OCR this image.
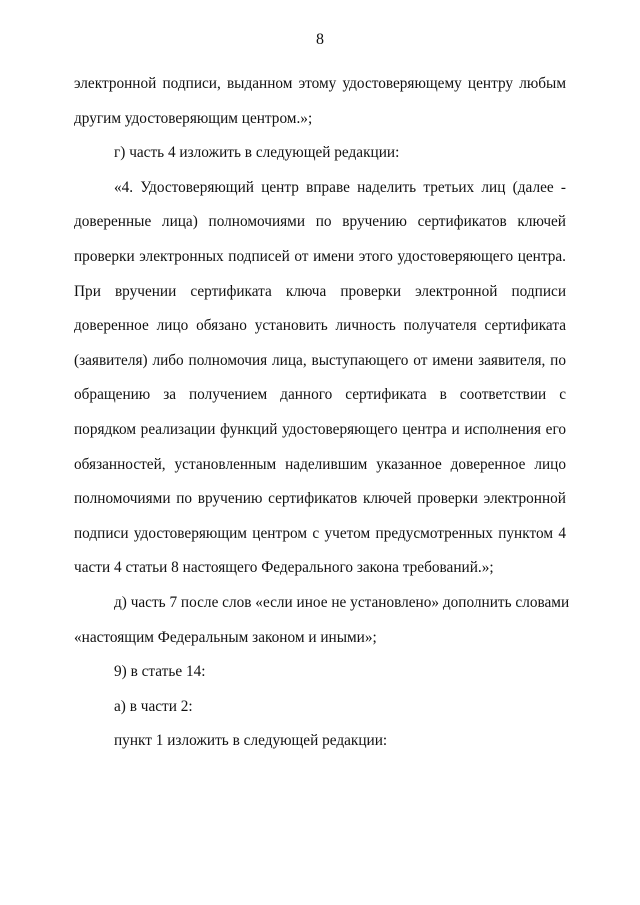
8

электронной подписи, выданном этому удостоверяющему центру любым
другим удостоверяющим центром.»;

г) часть 4 изложить в следующей редакции:

«4. Удостоверяющий центр вправе наделить третьих лиц (далее -
доверенные лица) полномочиями по вручению сертификатов ключей
проверки электронных подписей от имени этого удостоверяющего центра.
При вручении сертификата ключа проверки электронной подписи
доверенное лицо обязано установить личность получателя сертификата
(заявителя) либо полномочия лица, выступающего от имени заявителя, по
обращению за получением данного сертификата в соответствии с
порядком реализации функций удостоверяющего центра и исполнения его
обязанностей, установленным наделившим указанное доверенное лицо
полномочиями по вручению сертификатов ключей проверки электронной
подписи удостоверяющим центром с учетом предусмотренных пунктом 4
части 4 статьи 8 настоящего Федерального закона требований.»;

д) часть 7 после слов «если иное не установлено» дополнить словами
«настоящим Федеральным законом и иными»;

9) в статье 14:

а) в части 2:

пункт 1 изложить в следующей редакции:
